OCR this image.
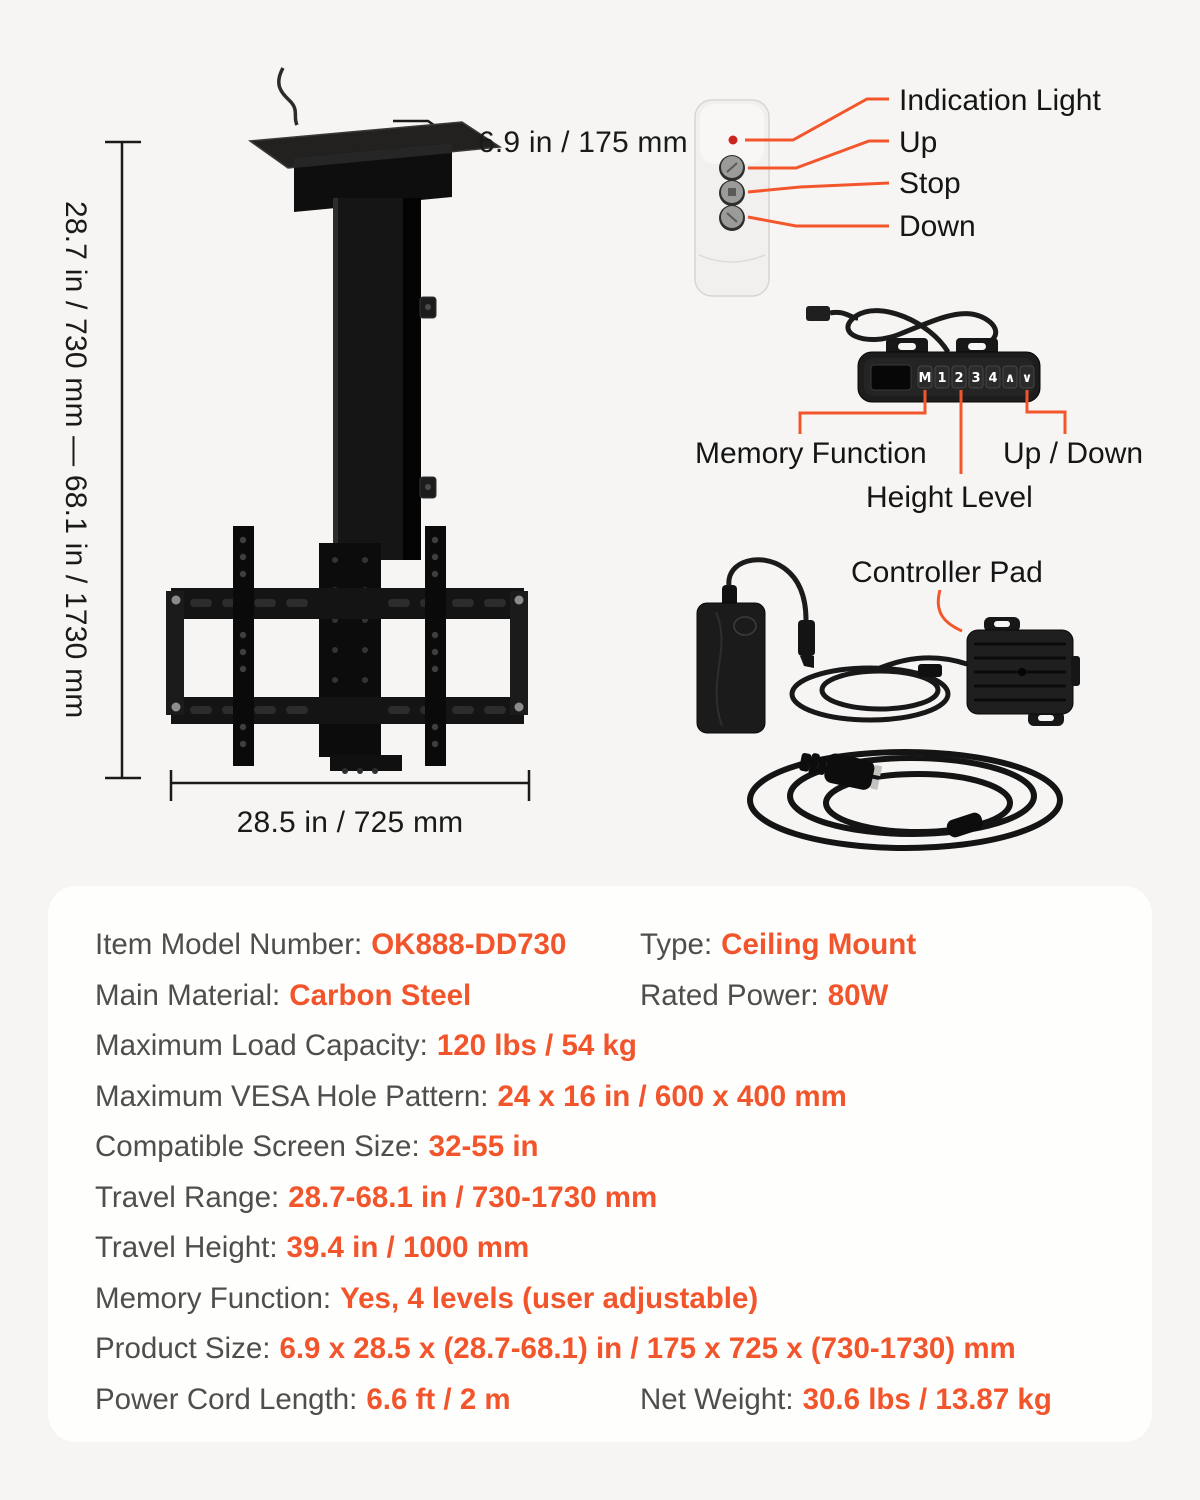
M 1 2 3 4 ∧ ∨
6.9 in / 175 mm
28.7 in / 730 mm — 68.1 in / 1730 mm
28.5 in / 725 mm
Indication Light
Up
Stop
Down
Memory Function	Up / Down
Height Level
Controller Pad
Item Model Number: OK888-DD730 Type: Ceiling Mount
Main Material: Carbon Steel	Rated Power: 80W
Maximum Load Capacity: 120 lbs / 54 kg
Maximum VESA Hole Pattern: 24 x 16 in / 600 x 400 mm
Compatible Screen Size: 32-55 in
Travel Range: 28.7-68.1 in / 730-1730 mm
Travel Height: 39.4 in / 1000 mm
Memory Function: Yes, 4 levels (user adjustable)
Product Size: 6.9 x 28.5 x (28.7-68.1) in / 175 x 725 x (730-1730) mm
Power Cord Length: 6.6 ft / 2 m	Net Weight: 30.6 lbs / 13.87 kg
